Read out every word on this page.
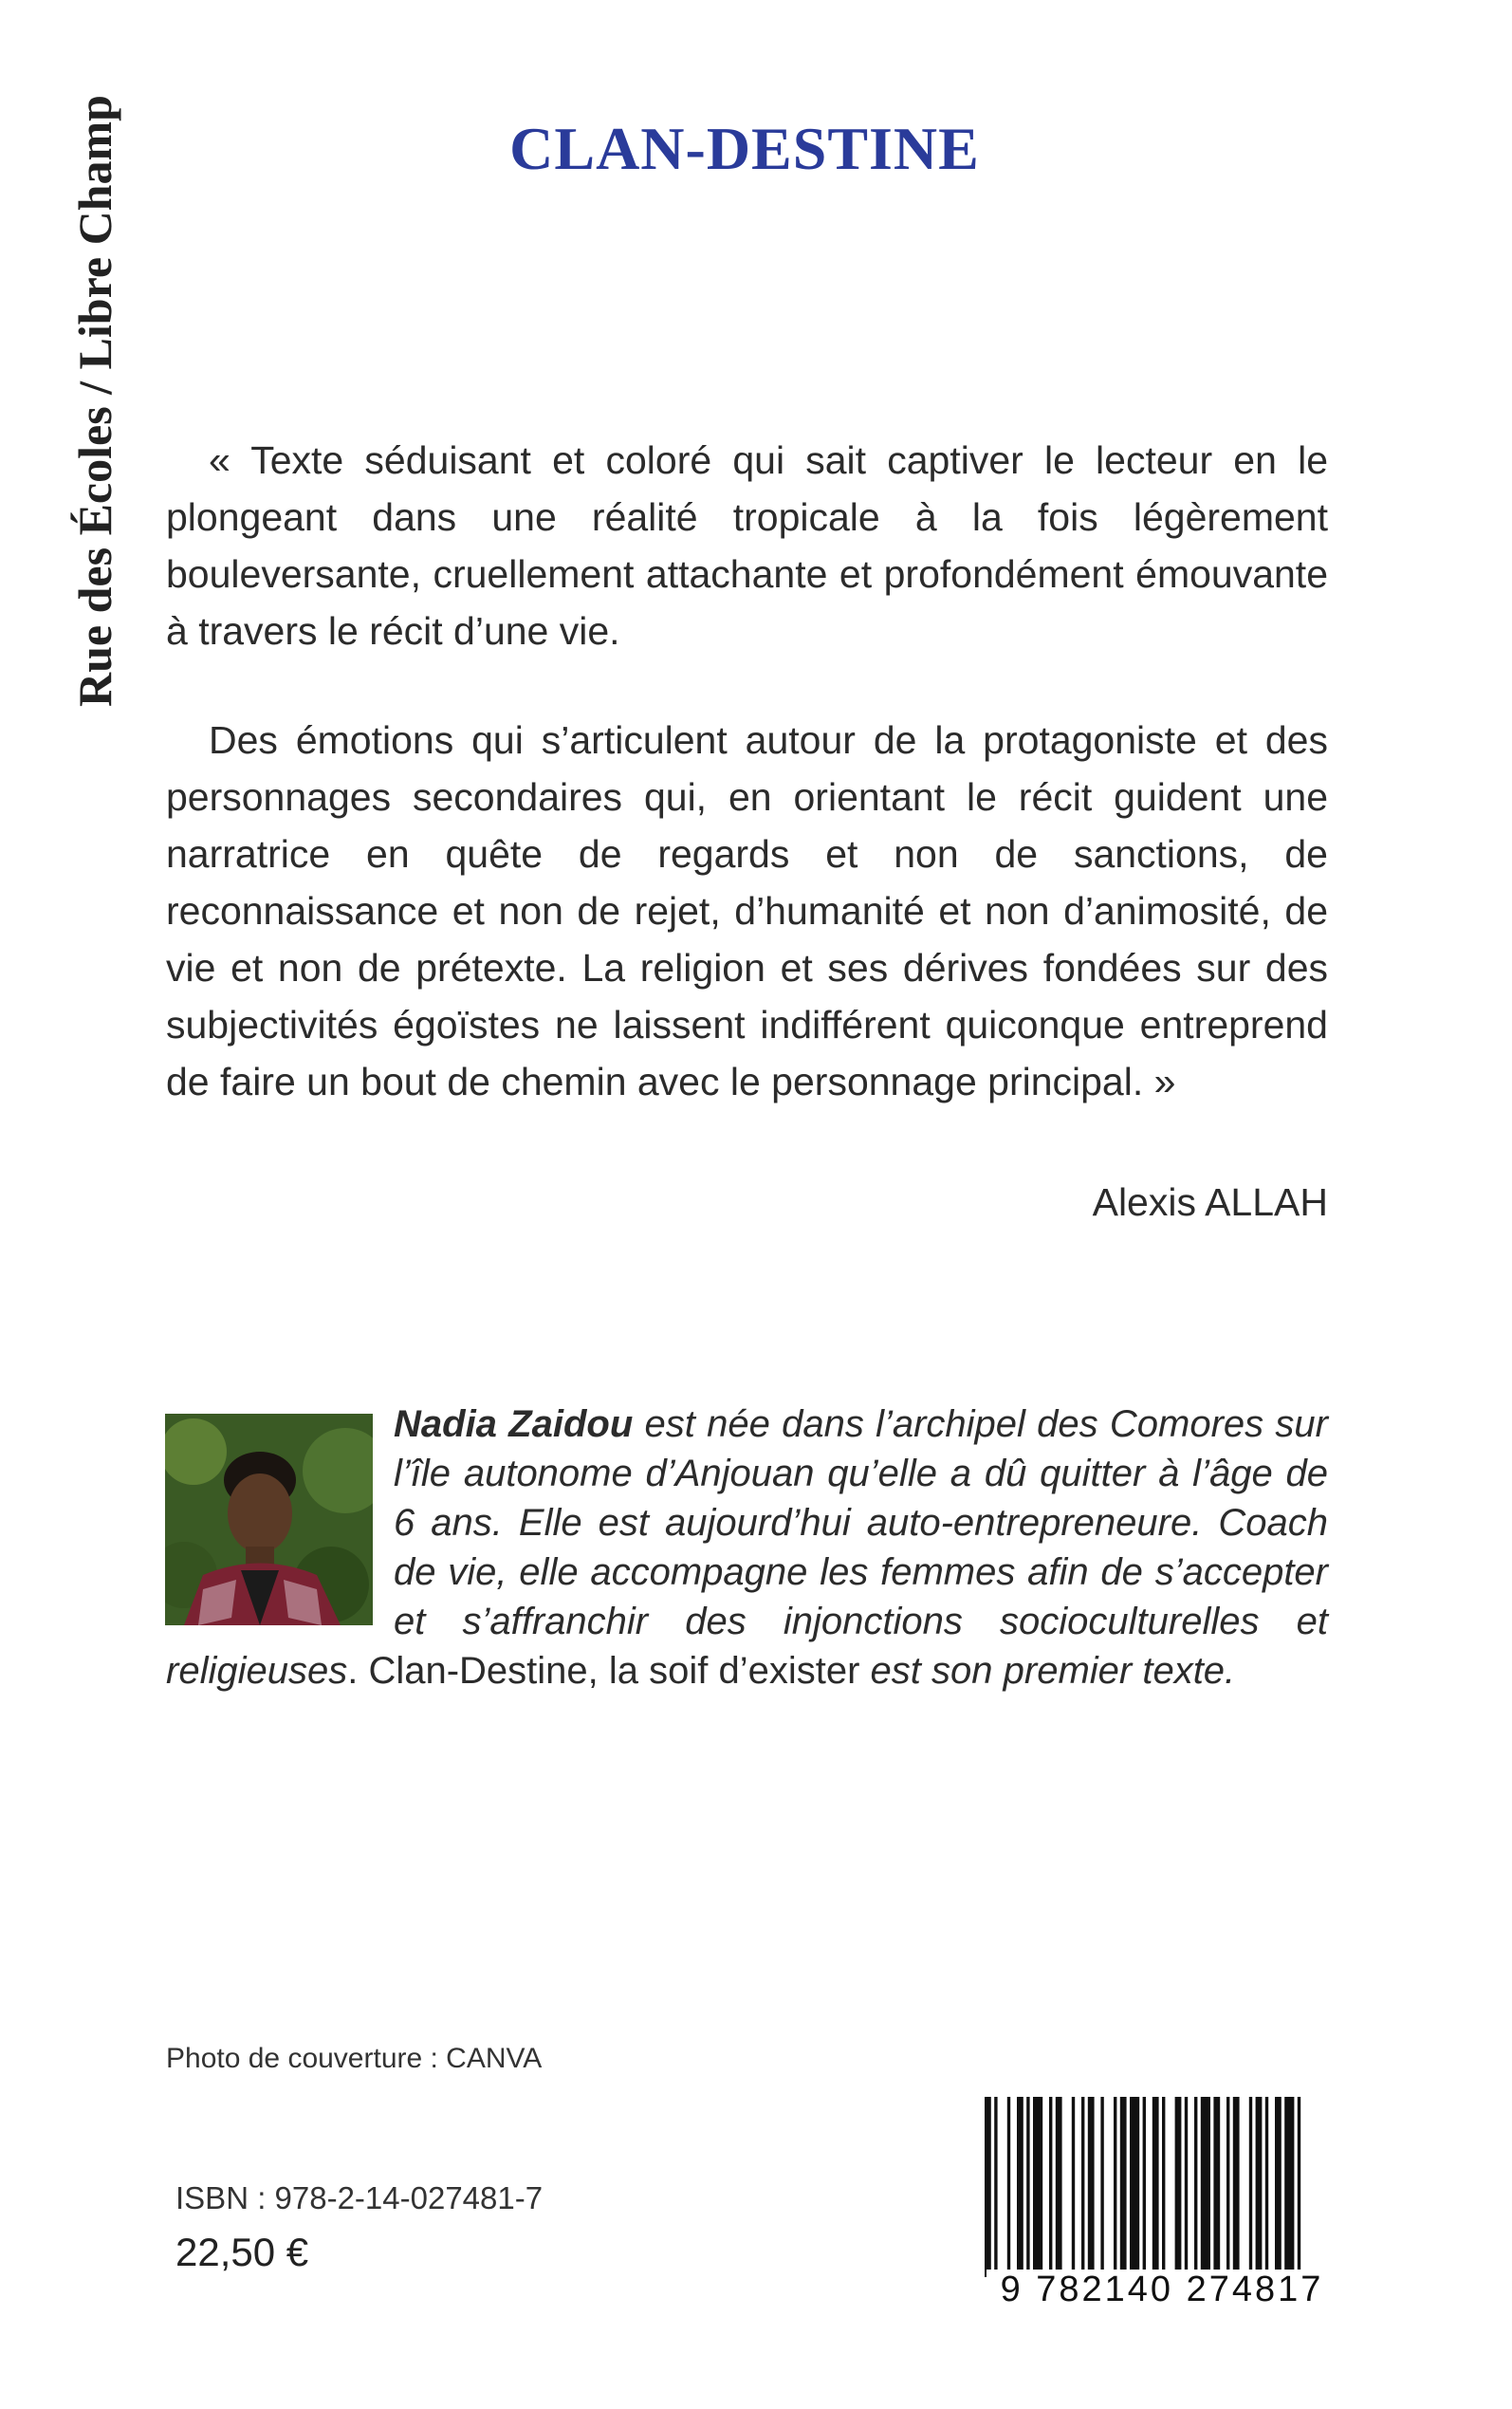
Rue des Écoles / Libre Champ	CLAN-DESTINE

« Texte séduisant et coloré qui sait captiver le lecteur en le plongeant dans une réalité tropicale à la fois légèrement bouleversante, cruellement attachante et profondément émouvante à travers le récit d’une vie.

Des émotions qui s’articulent autour de la protagoniste et des personnages secondaires qui, en orientant le récit guident une narratrice en quête de regards et non de sanctions, de reconnaissance et non de rejet, d’humanité et non d’animosité, de vie et non de prétexte. La religion et ses dérives fondées sur des subjectivités égoïstes ne laissent indifférent quiconque entreprend de faire un bout de chemin avec le personnage principal. »

Alexis ALLAH
Nadia Zaidou est née dans l’archipel des Comores sur l’île autonome d’Anjouan qu’elle a dû quitter à l’âge de 6 ans. Elle est aujourd’hui auto-entrepreneure. Coach de vie, elle accompagne les femmes afin de s’accepter et s’affranchir des injonctions socioculturelles et religieuses. Clan-Destine, la soif d’exister est son premier texte.
Photo de couverture : CANVA
ISBN : 978-2-14-027481-7
22,50 €
9 782140 274817
